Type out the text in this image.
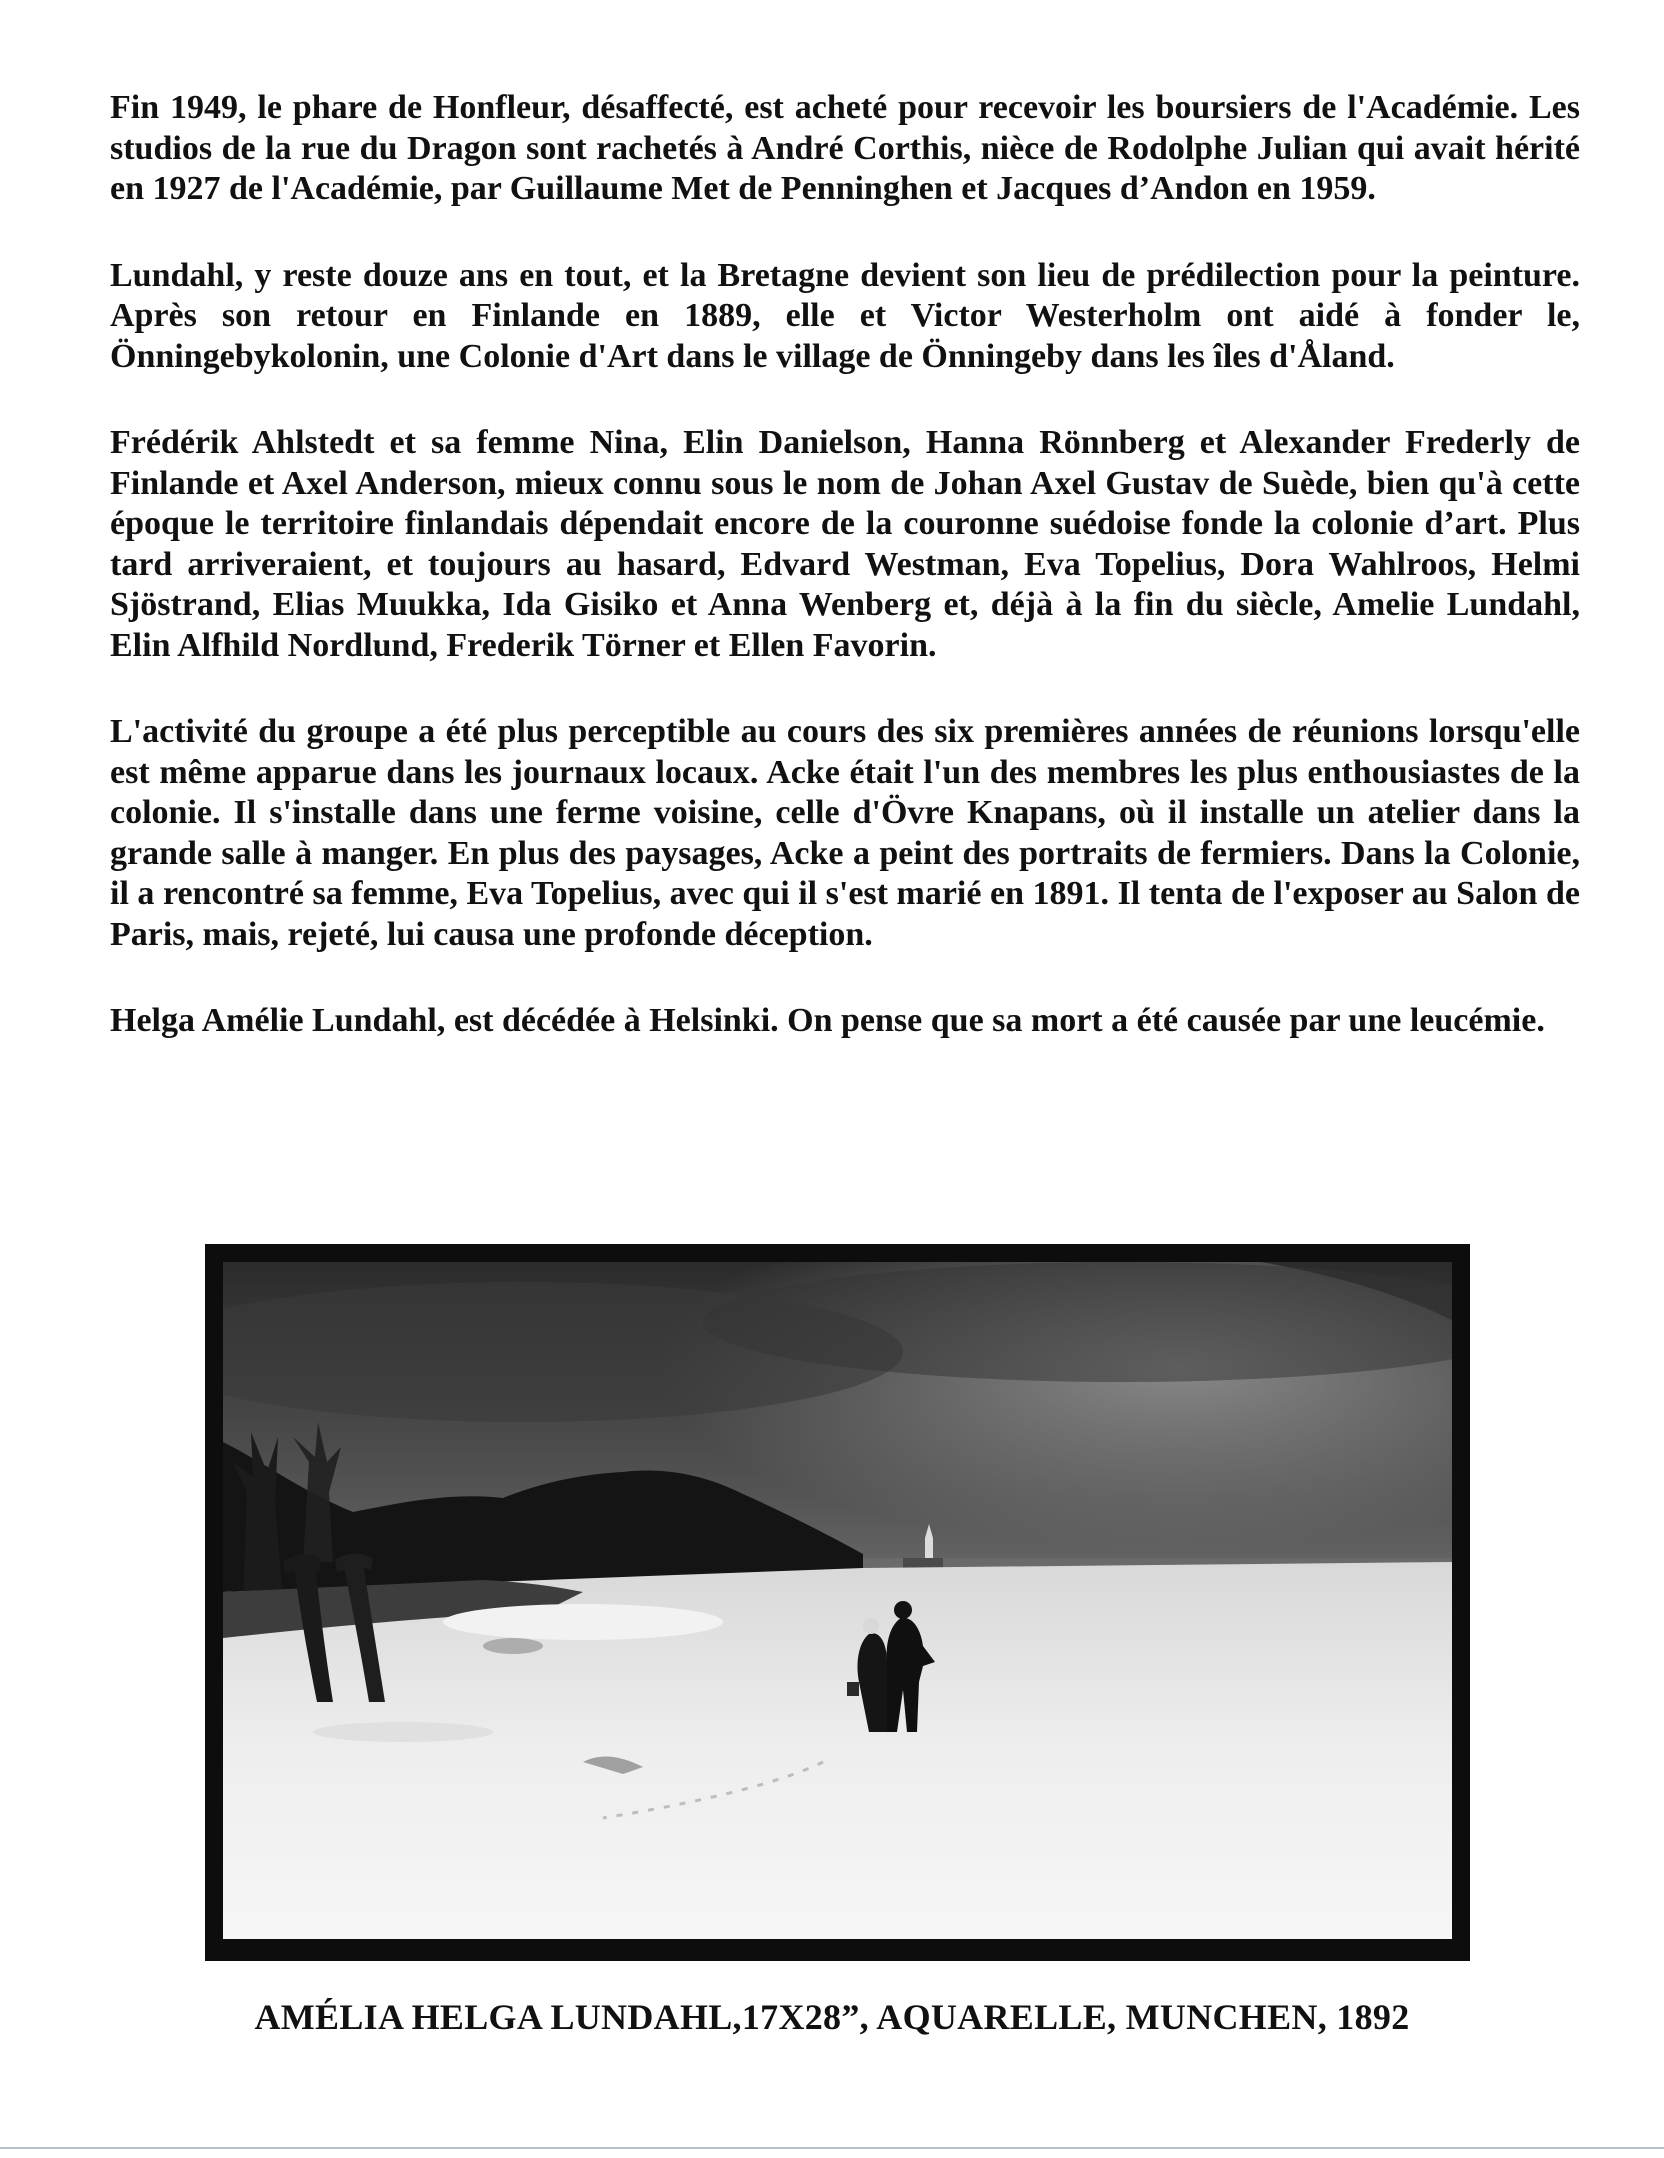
Fin 1949, le phare de Honfleur, désaffecté, est acheté pour recevoir les boursiers de l'Académie. Les studios de la rue du Dragon sont rachetés à André Corthis, nièce de Rodolphe Julian qui avait hérité en 1927 de l'Académie, par Guillaume Met de Penninghen et Jacques d’Andon en 1959.

Lundahl, y reste douze ans en tout, et la Bretagne devient son lieu de prédilection pour la peinture. Après son retour en Finlande en 1889, elle et Victor Westerholm ont aidé à fonder le, Önningebykolonin, une Colonie d'Art dans le village de Önningeby dans les îles d'Åland.

Frédérik Ahlstedt et sa femme Nina, Elin Danielson, Hanna Rönnberg et Alexander Frederly de Finlande et Axel Anderson, mieux connu sous le nom de Johan Axel Gustav de Suède, bien qu'à cette époque le territoire finlandais dépendait encore de la couronne suédoise fonde la colonie d’art. Plus tard arriveraient, et toujours au hasard, Edvard Westman, Eva Topelius, Dora Wahlroos, Helmi Sjöstrand, Elias Muukka, Ida Gisiko et Anna Wenberg et, déjà à la fin du siècle, Amelie Lundahl, Elin Alfhild Nordlund, Frederik Törner et Ellen Favorin.

L'activité du groupe a été plus perceptible au cours des six premières années de réunions lorsqu'elle est même apparue dans les journaux locaux. Acke était l'un des membres les plus enthousiastes de la colonie. Il s'installe dans une ferme voisine, celle d'Övre Knapans, où il installe un atelier dans la grande salle à manger. En plus des paysages, Acke a peint des portraits de fermiers. Dans la Colonie, il a rencontré sa femme, Eva Topelius, avec qui il s'est marié en 1891. Il tenta de l'exposer au Salon de Paris, mais, rejeté, lui causa une profonde déception.

Helga Amélie Lundahl, est décédée à Helsinki. On pense que sa mort a été causée par une leucémie.

AMÉLIA HELGA LUNDAHL,17X28”, AQUARELLE, MUNCHEN, 1892
